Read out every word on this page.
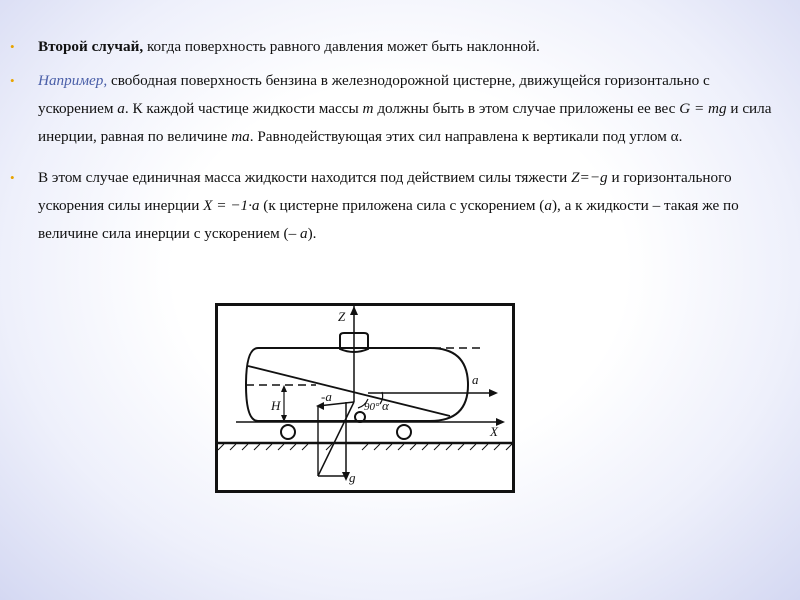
• Второй случай, когда поверхность равного давления может быть наклонной.
• Например, свободная поверхность бензина в железнодорожной цистерне, движущейся горизонтально с ускорением а. К каждой частице жидкости массы m должны быть в этом случае приложены ее вес G = mg и сила инерции, равная по величине ma. Равнодействующая этих сил направлена к вертикали под углом α.
• В этом случае единичная масса жидкости находится под действием силы тяжести Z=−g и горизонтального ускорения силы инерции X = −1·a (к цистерне приложена сила с ускорением (а), а к жидкости – такая же по величине сила инерции с ускорением (– а).
Z
a
X
H
-a
90° α
g
